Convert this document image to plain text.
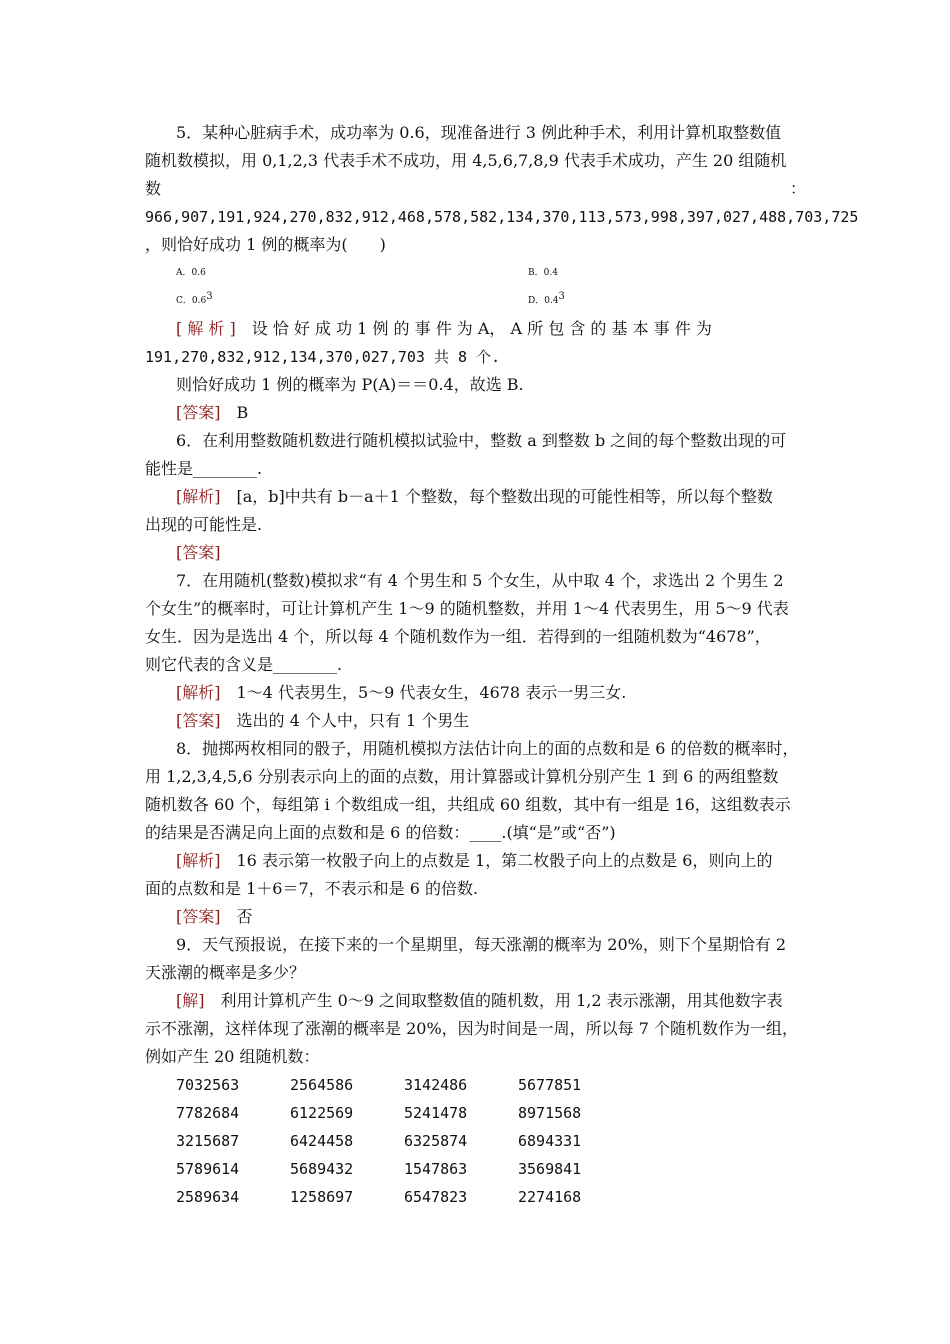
5．某种心脏病手术，成功率为 0.6，现准备进行 3 例此种手术，利用计算机取整数值
随机数模拟，用 0,1,2,3 代表手术不成功，用 4,5,6,7,8,9 代表手术成功，产生 20 组随机
数	：
966,907,191,924,270,832,912,468,578,582,134,370,113,573,998,397,027,488,703,725
，则恰好成功 1 例的概率为(　　)
A．0.6	B．0.4
C．$0.6^3$	D．$0.4^3$
[ 解 析 ] 设 恰 好 成 功 1 例 的 事 件 为 A， A 所 包 含 的 基 本 事 件 为
191,270,832,912,134,370,027,703 共 8 个.
则恰好成功 1 例的概率为 P(A)＝＝0.4，故选 B.
[答案] B
6．在利用整数随机数进行随机模拟试验中，整数 a 到整数 b 之间的每个整数出现的可
能性是________.
[解析] [a，b]中共有 b－a＋1 个整数，每个整数出现的可能性相等，所以每个整数
出现的可能性是.
[答案]
7．在用随机(整数)模拟求“有 4 个男生和 5 个女生，从中取 4 个，求选出 2 个男生 2
个女生”的概率时，可让计算机产生 1～9 的随机整数，并用 1～4 代表男生，用 5～9 代表
女生．因为是选出 4 个，所以每 4 个随机数作为一组．若得到的一组随机数为“4678”，
则它代表的含义是________.
[解析] 1～4 代表男生，5～9 代表女生，4678 表示一男三女.
[答案] 选出的 4 个人中，只有 1 个男生
8．抛掷两枚相同的骰子，用随机模拟方法估计向上的面的点数和是 6 的倍数的概率时，
用 1,2,3,4,5,6 分别表示向上的面的点数，用计算器或计算机分别产生 1 到 6 的两组整数
随机数各 60 个，每组第 i 个数组成一组，共组成 60 组数，其中有一组是 16，这组数表示
的结果是否满足向上面的点数和是 6 的倍数：____.(填“是”或“否”)
[解析] 16 表示第一枚骰子向上的点数是 1，第二枚骰子向上的点数是 6，则向上的
面的点数和是 1＋6＝7，不表示和是 6 的倍数.
[答案] 否
9．天气预报说，在接下来的一个星期里，每天涨潮的概率为 20%，则下个星期恰有 2
天涨潮的概率是多少？
[解] 利用计算机产生 0～9 之间取整数值的随机数，用 1,2 表示涨潮，用其他数字表
示不涨潮，这样体现了涨潮的概率是 20%，因为时间是一周，所以每 7 个随机数作为一组，
例如产生 20 组随机数：
7032563	2564586	3142486	5677851
7782684	6122569	5241478	8971568
3215687	6424458	6325874	6894331
5789614	5689432	1547863	3569841
2589634	1258697	6547823	2274168
